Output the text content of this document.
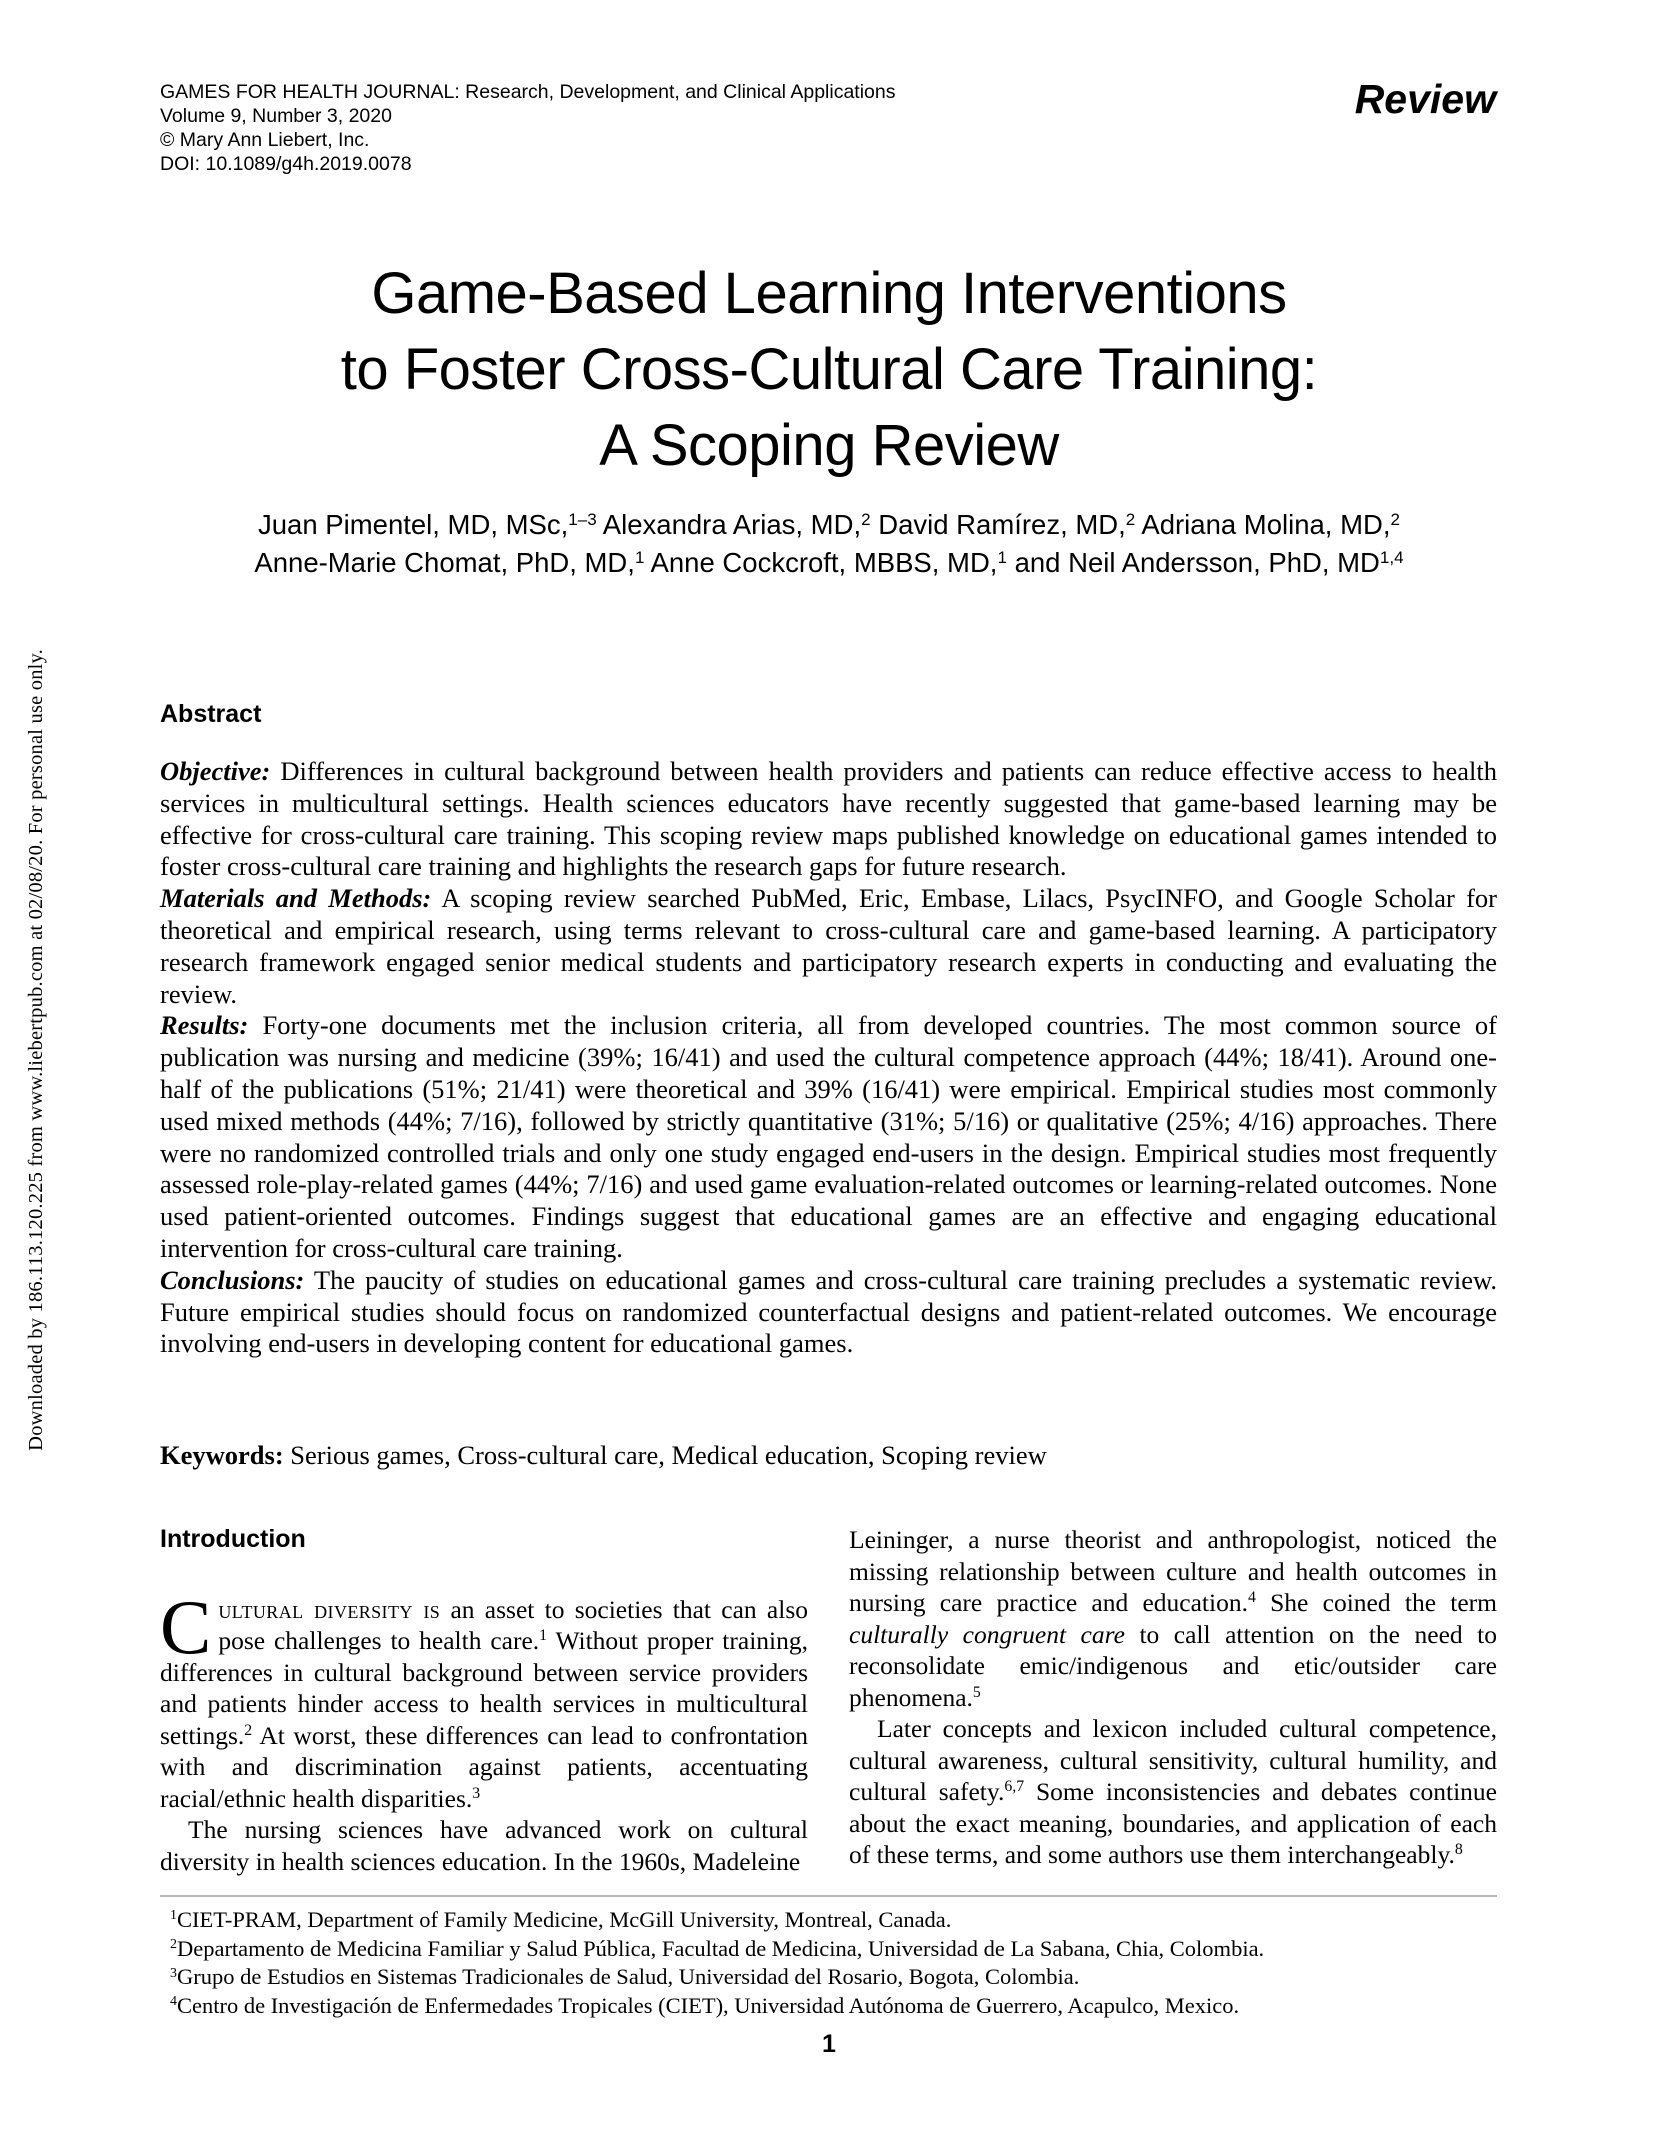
Downloaded by 186.113.120.225 from www.liebertpub.com at 02/08/20. For personal use only.
GAMES FOR HEALTH JOURNAL: Research, Development, and Clinical Applications
Volume 9, Number 3, 2020
© Mary Ann Liebert, Inc.
DOI: 10.1089/g4h.2019.0078
Review
Game-Based Learning Interventions
to Foster Cross-Cultural Care Training:
A Scoping Review
Juan Pimentel, MD, MSc,$^{1-3}$ Alexandra Arias, MD,$^2$ David Ramírez, MD,$^2$ Adriana Molina, MD,$^2$
Anne-Marie Chomat, PhD, MD,$^1$ Anne Cockcroft, MBBS, MD,$^1$ and Neil Andersson, PhD, MD$^{1,4}$
Abstract

Objective: Differences in cultural background between health providers and patients can reduce effective access to health services in multicultural settings. Health sciences educators have recently suggested that game-based learning may be effective for cross-cultural care training. This scoping review maps published knowledge on educational games intended to foster cross-cultural care training and highlights the research gaps for future research.

Materials and Methods: A scoping review searched PubMed, Eric, Embase, Lilacs, PsycINFO, and Google Scholar for theoretical and empirical research, using terms relevant to cross-cultural care and game-based learning. A participatory research framework engaged senior medical students and participatory research experts in conducting and evaluating the review.

Results: Forty-one documents met the inclusion criteria, all from developed countries. The most common source of publication was nursing and medicine (39%; 16/41) and used the cultural competence approach (44%; 18/41). Around one-half of the publications (51%; 21/41) were theoretical and 39% (16/41) were empirical. Empirical studies most commonly used mixed methods (44%; 7/16), followed by strictly quantitative (31%; 5/16) or qualitative (25%; 4/16) approaches. There were no randomized controlled trials and only one study engaged end-users in the design. Empirical studies most frequently assessed role-play-related games (44%; 7/16) and used game evaluation-related outcomes or learning-related outcomes. None used patient-oriented outcomes. Findings suggest that educational games are an effective and engaging educational intervention for cross-cultural care training.

Conclusions: The paucity of studies on educational games and cross-cultural care training precludes a systematic review. Future empirical studies should focus on randomized counterfactual designs and patient-related outcomes. We encourage involving end-users in developing content for educational games.

Keywords: Serious games, Cross-cultural care, Medical education, Scoping review
Introduction

Cultural diversity is an asset to societies that can also pose challenges to health care.$^1$ Without proper training, differences in cultural background between service providers and patients hinder access to health services in multicultural settings.$^2$ At worst, these differences can lead to confrontation with and discrimination against patients, accentuating racial/ethnic health disparities.$^3$

The nursing sciences have advanced work on cultural diversity in health sciences education. In the 1960s, Madeleine

Leininger, a nurse theorist and anthropologist, noticed the missing relationship between culture and health outcomes in nursing care practice and education.$^4$ She coined the term culturally congruent care to call attention on the need to reconsolidate emic/indigenous and etic/outsider care phenomena.$^5$

Later concepts and lexicon included cultural competence, cultural awareness, cultural sensitivity, cultural humility, and cultural safety.$^{6,7}$ Some inconsistencies and debates continue about the exact meaning, boundaries, and application of each of these terms, and some authors use them interchangeably.$^8$

$^1$CIET-PRAM, Department of Family Medicine, McGill University, Montreal, Canada.
$^2$Departamento de Medicina Familiar y Salud Pública, Facultad de Medicina, Universidad de La Sabana, Chia, Colombia.
$^3$Grupo de Estudios en Sistemas Tradicionales de Salud, Universidad del Rosario, Bogota, Colombia.
$^4$Centro de Investigación de Enfermedades Tropicales (CIET), Universidad Autónoma de Guerrero, Acapulco, Mexico.
1
